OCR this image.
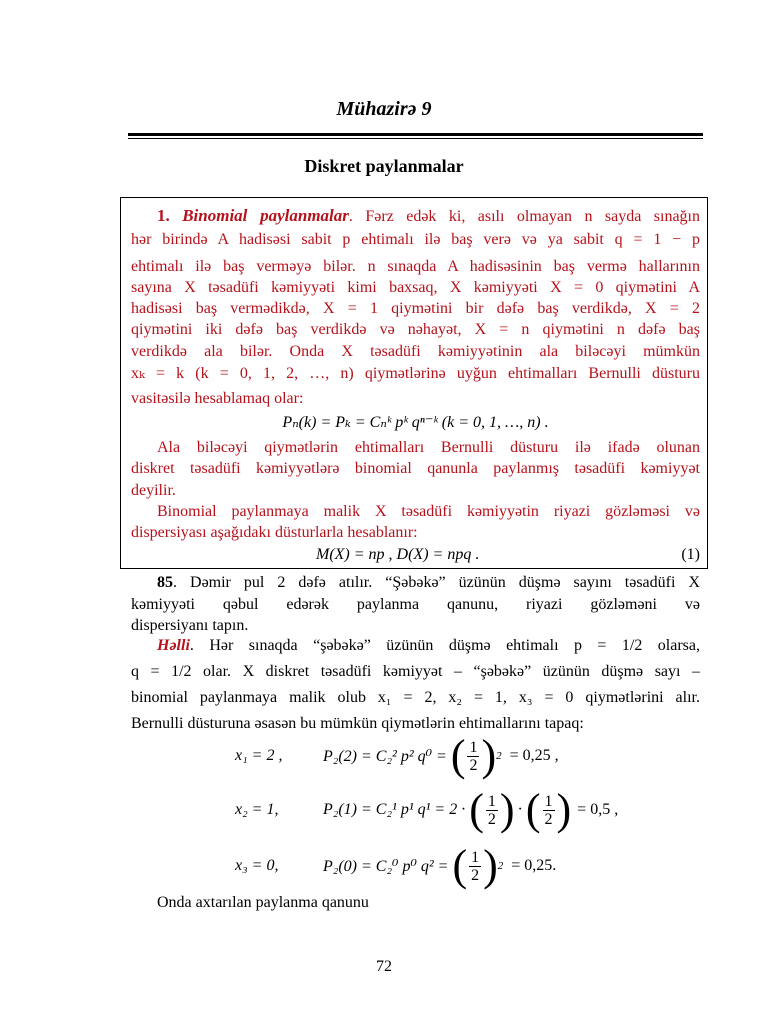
Mühazirə 9
Diskret paylanmalar
1. Binomial paylanmalar. Fərz edək ki, asılı olmayan n sayda sınağın
hər birində A hadisəsi sabit p ehtimalı ilə baş verə və ya sabit q = 1 − p
ehtimalı ilə baş verməyə bilər. n sınaqda A hadisəsinin baş vermə hallarının
sayına X təsadüfi kəmiyyəti kimi baxsaq, X kəmiyyəti X = 0 qiymətini A
hadisəsi baş vermədikdə, X = 1 qiymətini bir dəfə baş verdikdə, X = 2
qiymətini iki dəfə baş verdikdə və nəhayət, X = n qiymətini n dəfə baş
verdikdə ala bilər. Onda X təsadüfi kəmiyyətinin ala biləcəyi mümkün
xₖ = k (k = 0, 1, 2, …, n) qiymətlərinə uyğun ehtimalları Bernulli düsturu
vasitəsilə hesablamaq olar:
Pₙ(k) = Pₖ = Cₙᵏ pᵏ qⁿ⁻ᵏ (k = 0, 1, …, n) .
Ala biləcəyi qiymətlərin ehtimalları Bernulli düsturu ilə ifadə olunan
diskret təsadüfi kəmiyyətlərə binomial qanunla paylanmış təsadüfi kəmiyyət
deyilir.
Binomial paylanmaya malik X təsadüfi kəmiyyətin riyazi gözləməsi və
dispersiyası aşağıdakı düsturlarla hesablanır:
M(X) = np , D(X) = npq .	(1)
85. Dəmir pul 2 dəfə atılır. “Şəbəkə” üzünün düşmə sayını təsadüfi X
kəmiyyəti qəbul edərək paylanma qanunu, riyazi gözləməni və
dispersiyanı tapın.
Həlli. Hər sınaqda “şəbəkə” üzünün düşmə ehtimalı p = 1/2 olarsa,
q = 1/2 olar. X diskret təsadüfi kəmiyyət – “şəbəkə” üzünün düşmə sayı –
binomial paylanmaya malik olub x₁ = 2, x₂ = 1, x₃ = 0 qiymətlərini alır.
Bernulli düsturuna əsasən bu mümkün qiymətlərin ehtimallarını tapaq:
x₁ = 2 ,	P₂(2) = C₂² p² q⁰ = ( $\frac{1}{2}$ ) 2 = 0,25 ,
x₂ = 1,	P₂(1) = C₂¹ p¹ q¹ = 2 · ( $\frac{1}{2}$ ) · ( $\frac{1}{2}$ ) = 0,5 ,
x₃ = 0,	P₂(0) = C₂⁰ p⁰ q² = ( $\frac{1}{2}$ ) 2 = 0,25.
Onda axtarılan paylanma qanunu
72
